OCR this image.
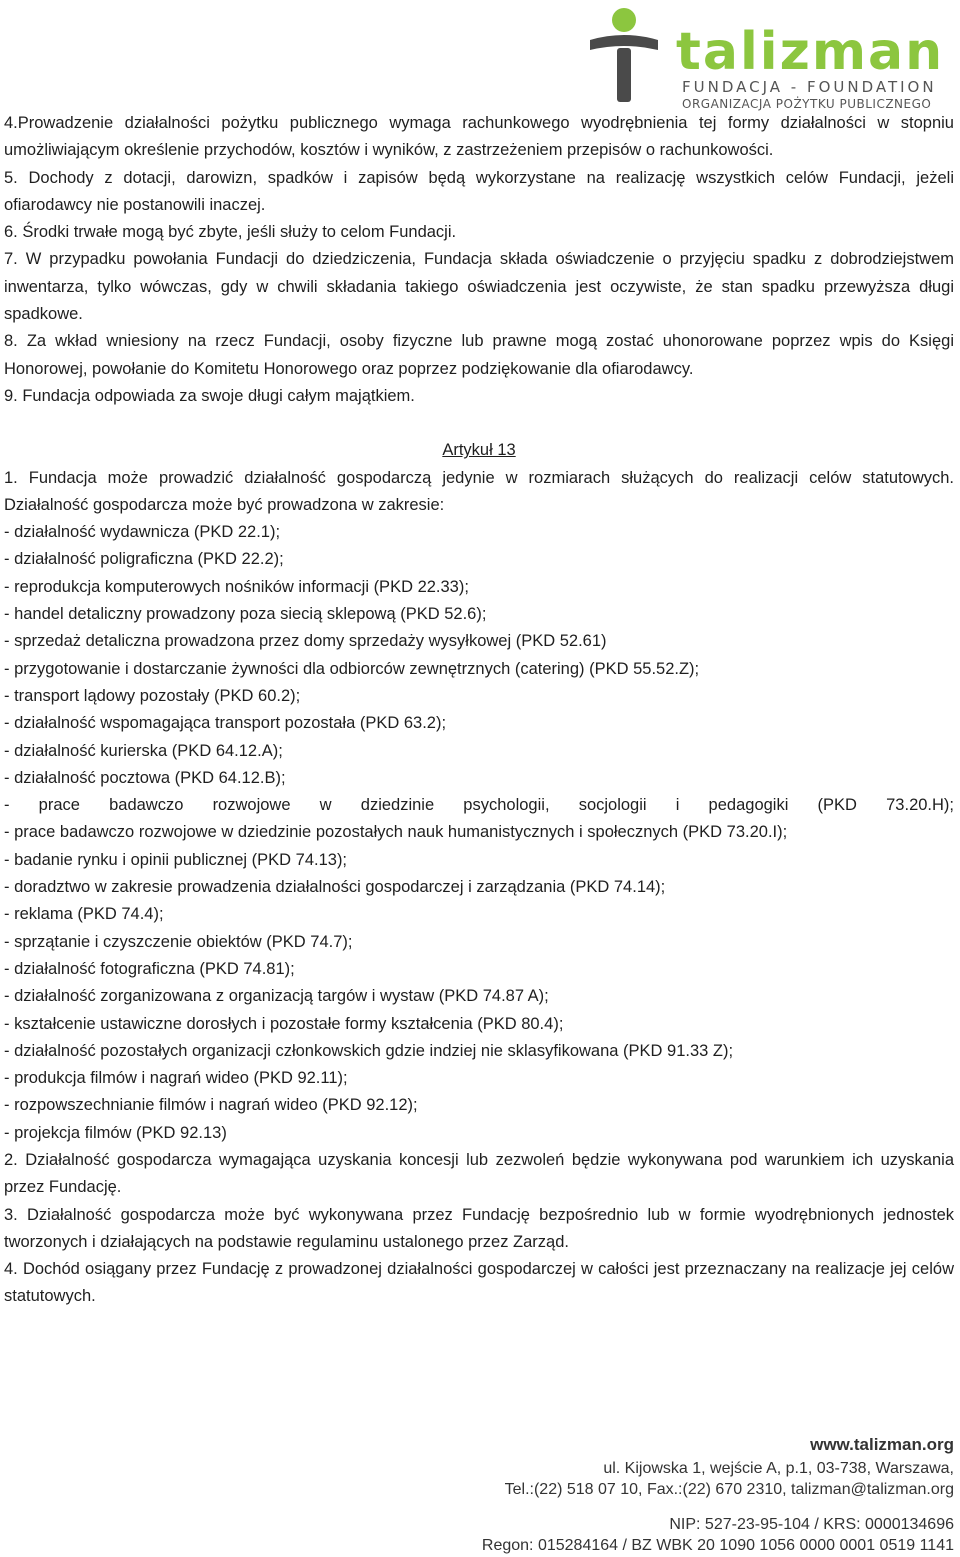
talizman
FUNDACJA - FOUNDATION
ORGANIZACJA POŻYTKU PUBLICZNEGO

4.Prowadzenie działalności pożytku publicznego wymaga rachunkowego wyodrębnienia tej formy działalności w stopniu umożliwiającym określenie przychodów, kosztów i wyników, z zastrzeżeniem przepisów o rachunkowości.

5. Dochody z dotacji, darowizn, spadków i zapisów będą wykorzystane na realizację wszystkich celów Fundacji, jeżeli ofiarodawcy nie postanowili inaczej.

6. Środki trwałe mogą być zbyte, jeśli służy to celom Fundacji.

7. W przypadku powołania Fundacji do dziedziczenia, Fundacja składa oświadczenie o przyjęciu spadku z dobrodziejstwem inwentarza, tylko wówczas, gdy w chwili składania takiego oświadczenia jest oczywiste, że stan spadku przewyższa długi spadkowe.

8. Za wkład wniesiony na rzecz Fundacji, osoby fizyczne lub prawne mogą zostać uhonorowane poprzez wpis do Księgi Honorowej, powołanie do Komitetu Honorowego oraz poprzez podziękowanie dla ofiarodawcy.

9. Fundacja odpowiada za swoje długi całym majątkiem.

Artykuł 13

1. Fundacja może prowadzić działalność gospodarczą jedynie w rozmiarach służących do realizacji celów statutowych. Działalność gospodarcza może być prowadzona w zakresie:

- działalność wydawnicza (PKD 22.1);
- działalność poligraficzna (PKD 22.2);
- reprodukcja komputerowych nośników informacji (PKD 22.33);
- handel detaliczny prowadzony poza siecią sklepową (PKD 52.6);
- sprzedaż detaliczna prowadzona przez domy sprzedaży wysyłkowej (PKD 52.61)
- przygotowanie i dostarczanie żywności dla odbiorców zewnętrznych (catering) (PKD 55.52.Z);
- transport lądowy pozostały (PKD 60.2);
- działalność wspomagająca transport pozostała (PKD 63.2);
- działalność kurierska (PKD 64.12.A);
- działalność pocztowa (PKD 64.12.B);
- prace badawczo rozwojowe w dziedzinie psychologii, socjologii i pedagogiki (PKD 73.20.H);
- prace badawczo rozwojowe w dziedzinie pozostałych nauk humanistycznych i społecznych (PKD 73.20.I);
- badanie rynku i opinii publicznej (PKD 74.13);
- doradztwo w zakresie prowadzenia działalności gospodarczej i zarządzania (PKD 74.14);
- reklama (PKD 74.4);
- sprzątanie i czyszczenie obiektów (PKD 74.7);
- działalność fotograficzna (PKD 74.81);
- działalność zorganizowana z organizacją targów i wystaw (PKD 74.87 A);
- kształcenie ustawiczne dorosłych i pozostałe formy kształcenia (PKD 80.4);
- działalność pozostałych organizacji członkowskich gdzie indziej nie sklasyfikowana (PKD 91.33 Z);
- produkcja filmów i nagrań wideo (PKD 92.11);
- rozpowszechnianie filmów i nagrań wideo (PKD 92.12);
- projekcja filmów (PKD 92.13)

2. Działalność gospodarcza wymagająca uzyskania koncesji lub zezwoleń będzie wykonywana pod warunkiem ich uzyskania przez Fundację.

3. Działalność gospodarcza może być wykonywana przez Fundację bezpośrednio lub w formie wyodrębnionych jednostek tworzonych i działających na podstawie regulaminu ustalonego przez Zarząd.

4. Dochód osiągany przez Fundację z prowadzonej działalności gospodarczej w całości jest przeznaczany na realizacje jej celów statutowych.

www.talizman.org
ul. Kijowska 1, wejście A, p.1, 03-738, Warszawa,
Tel.:(22) 518 07 10, Fax.:(22) 670 2310, talizman@talizman.org
NIP: 527-23-95-104 / KRS: 0000134696
Regon: 015284164 / BZ WBK 20 1090 1056 0000 0001 0519 1141
